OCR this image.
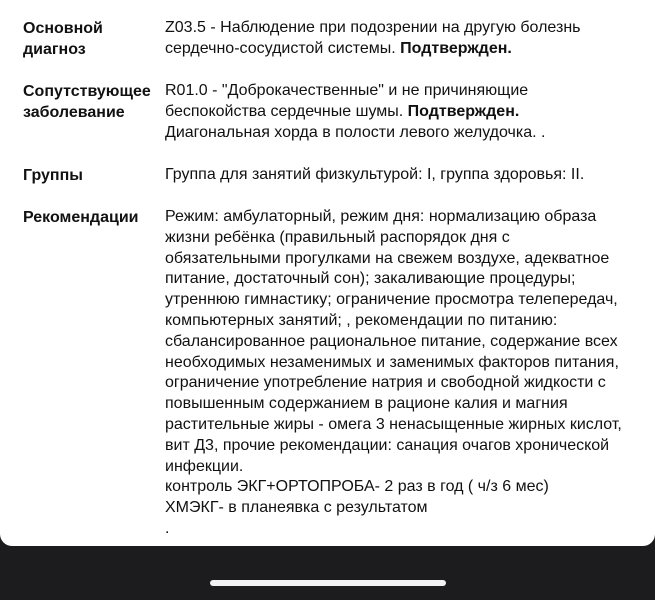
Основной
диагноз
Z03.5 - Наблюдение при подозрении на другую болезнь
сердечно-сосудистой системы. Подтвержден.
Сопутствующее
заболевание
R01.0 - "Доброкачественные" и не причиняющие
беспокойства сердечные шумы. Подтвержден.
Диагональная хорда в полости левого желудочка. .
Группы	Группа для занятий физкультурой: I, группа здоровья: II.
Рекомендации	Режим: амбулаторный, режим дня: нормализацию образа
жизни ребёнка (правильный распорядок дня с
обязательными прогулками на свежем воздухе, адекватное
питание, достаточный сон); закаливающие процедуры;
утреннюю гимнастику; ограничение просмотра телепередач,
компьютерных занятий; , рекомендации по питанию:
сбалансированное рациональное питание, содержание всех
необходимых незаменимых и заменимых факторов питания,
ограничение употребление натрия и свободной жидкости с
повышенным содержанием в рационе калия и магния
растительные жиры - омега 3 ненасыщенные жирных кислот,
вит Д3, прочие рекомендации: санация очагов хронической
инфекции.
контроль ЭКГ+ОРТОПРОБА- 2 раз в год ( ч/з 6 мес)
ХМЭКГ- в планеявка с результатом
.
